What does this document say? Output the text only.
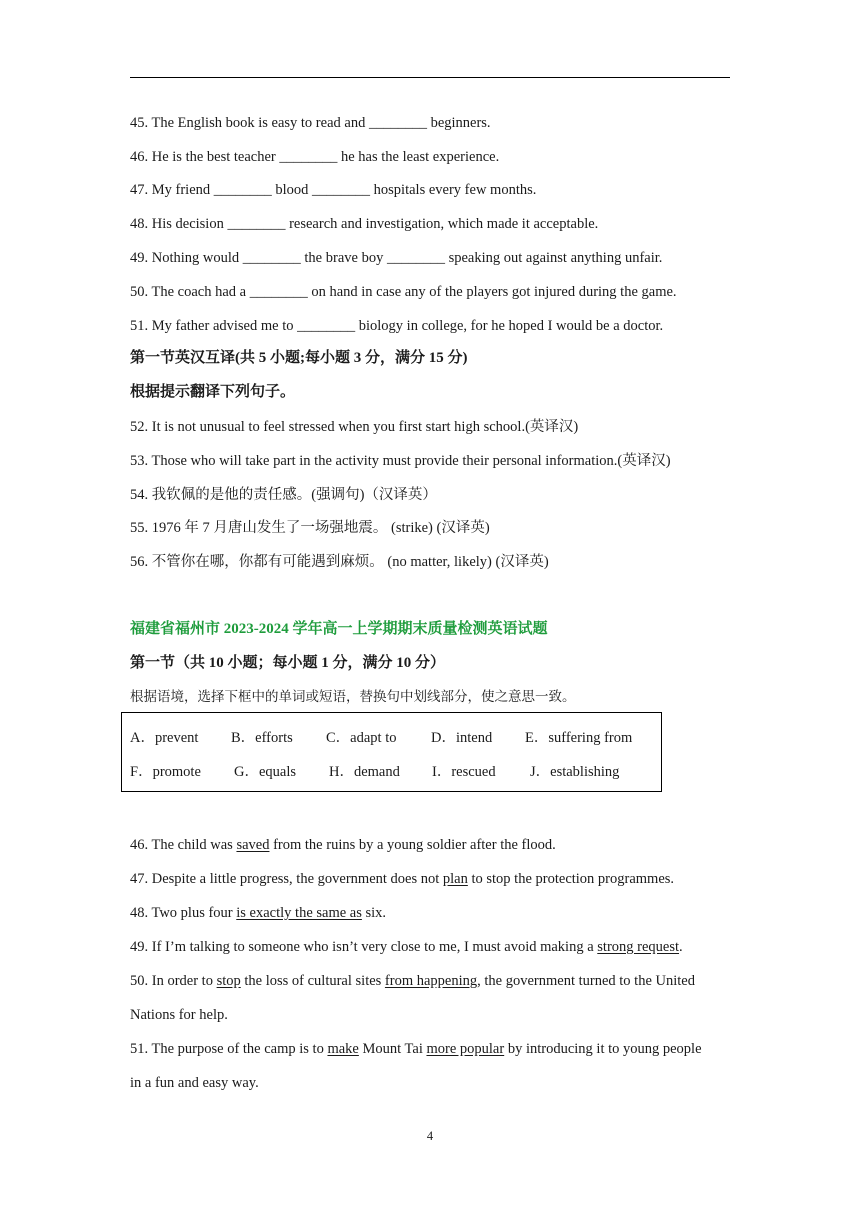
45. The English book is easy to read and ________ beginners.
46. He is the best teacher ________ he has the least experience.
47. My friend ________ blood ________ hospitals every few months.
48. His decision ________ research and investigation, which made it acceptable.
49. Nothing would ________ the brave boy ________ speaking out against anything unfair.
50. The coach had a ________ on hand in case any of the players got injured during the game.
51. My father advised me to ________ biology in college, for he hoped I would be a doctor.
第一节英汉互译(共 5 小题;每小题 3 分，满分 15 分)
根据提示翻译下列句子。
52. It is not unusual to feel stressed when you first start high school.(英译汉)
53. Those who will take part in the activity must provide their personal information.(英译汉)
54. 我钦佩的是他的责任感。(强调句)（汉译英）
55. 1976 年 7 月唐山发生了一场强地震。 (strike) (汉译英)
56. 不管你在哪，你都有可能遇到麻烦。 (no matter, likely) (汉译英)
福建省福州市 2023-2024 学年高一上学期期末质量检测英语试题
第一节（共 10 小题；每小题 1 分，满分 10 分）
根据语境，选择下框中的单词或短语，替换句中划线部分，使之意思一致。
A．prevent B．efforts C．adapt to D．intend E．suffering from
F．promote G．equals H．demand I．rescued J．establishing
46. The child was saved from the ruins by a young soldier after the flood.
47. Despite a little progress, the government does not plan to stop the protection programmes.
48. Two plus four is exactly the same as six.
49. If I’m talking to someone who isn’t very close to me, I must avoid making a strong request.
50. In order to stop the loss of cultural sites from happening, the government turned to the United
Nations for help.
51. The purpose of the camp is to make Mount Tai more popular by introducing it to young people
in a fun and easy way.
4
